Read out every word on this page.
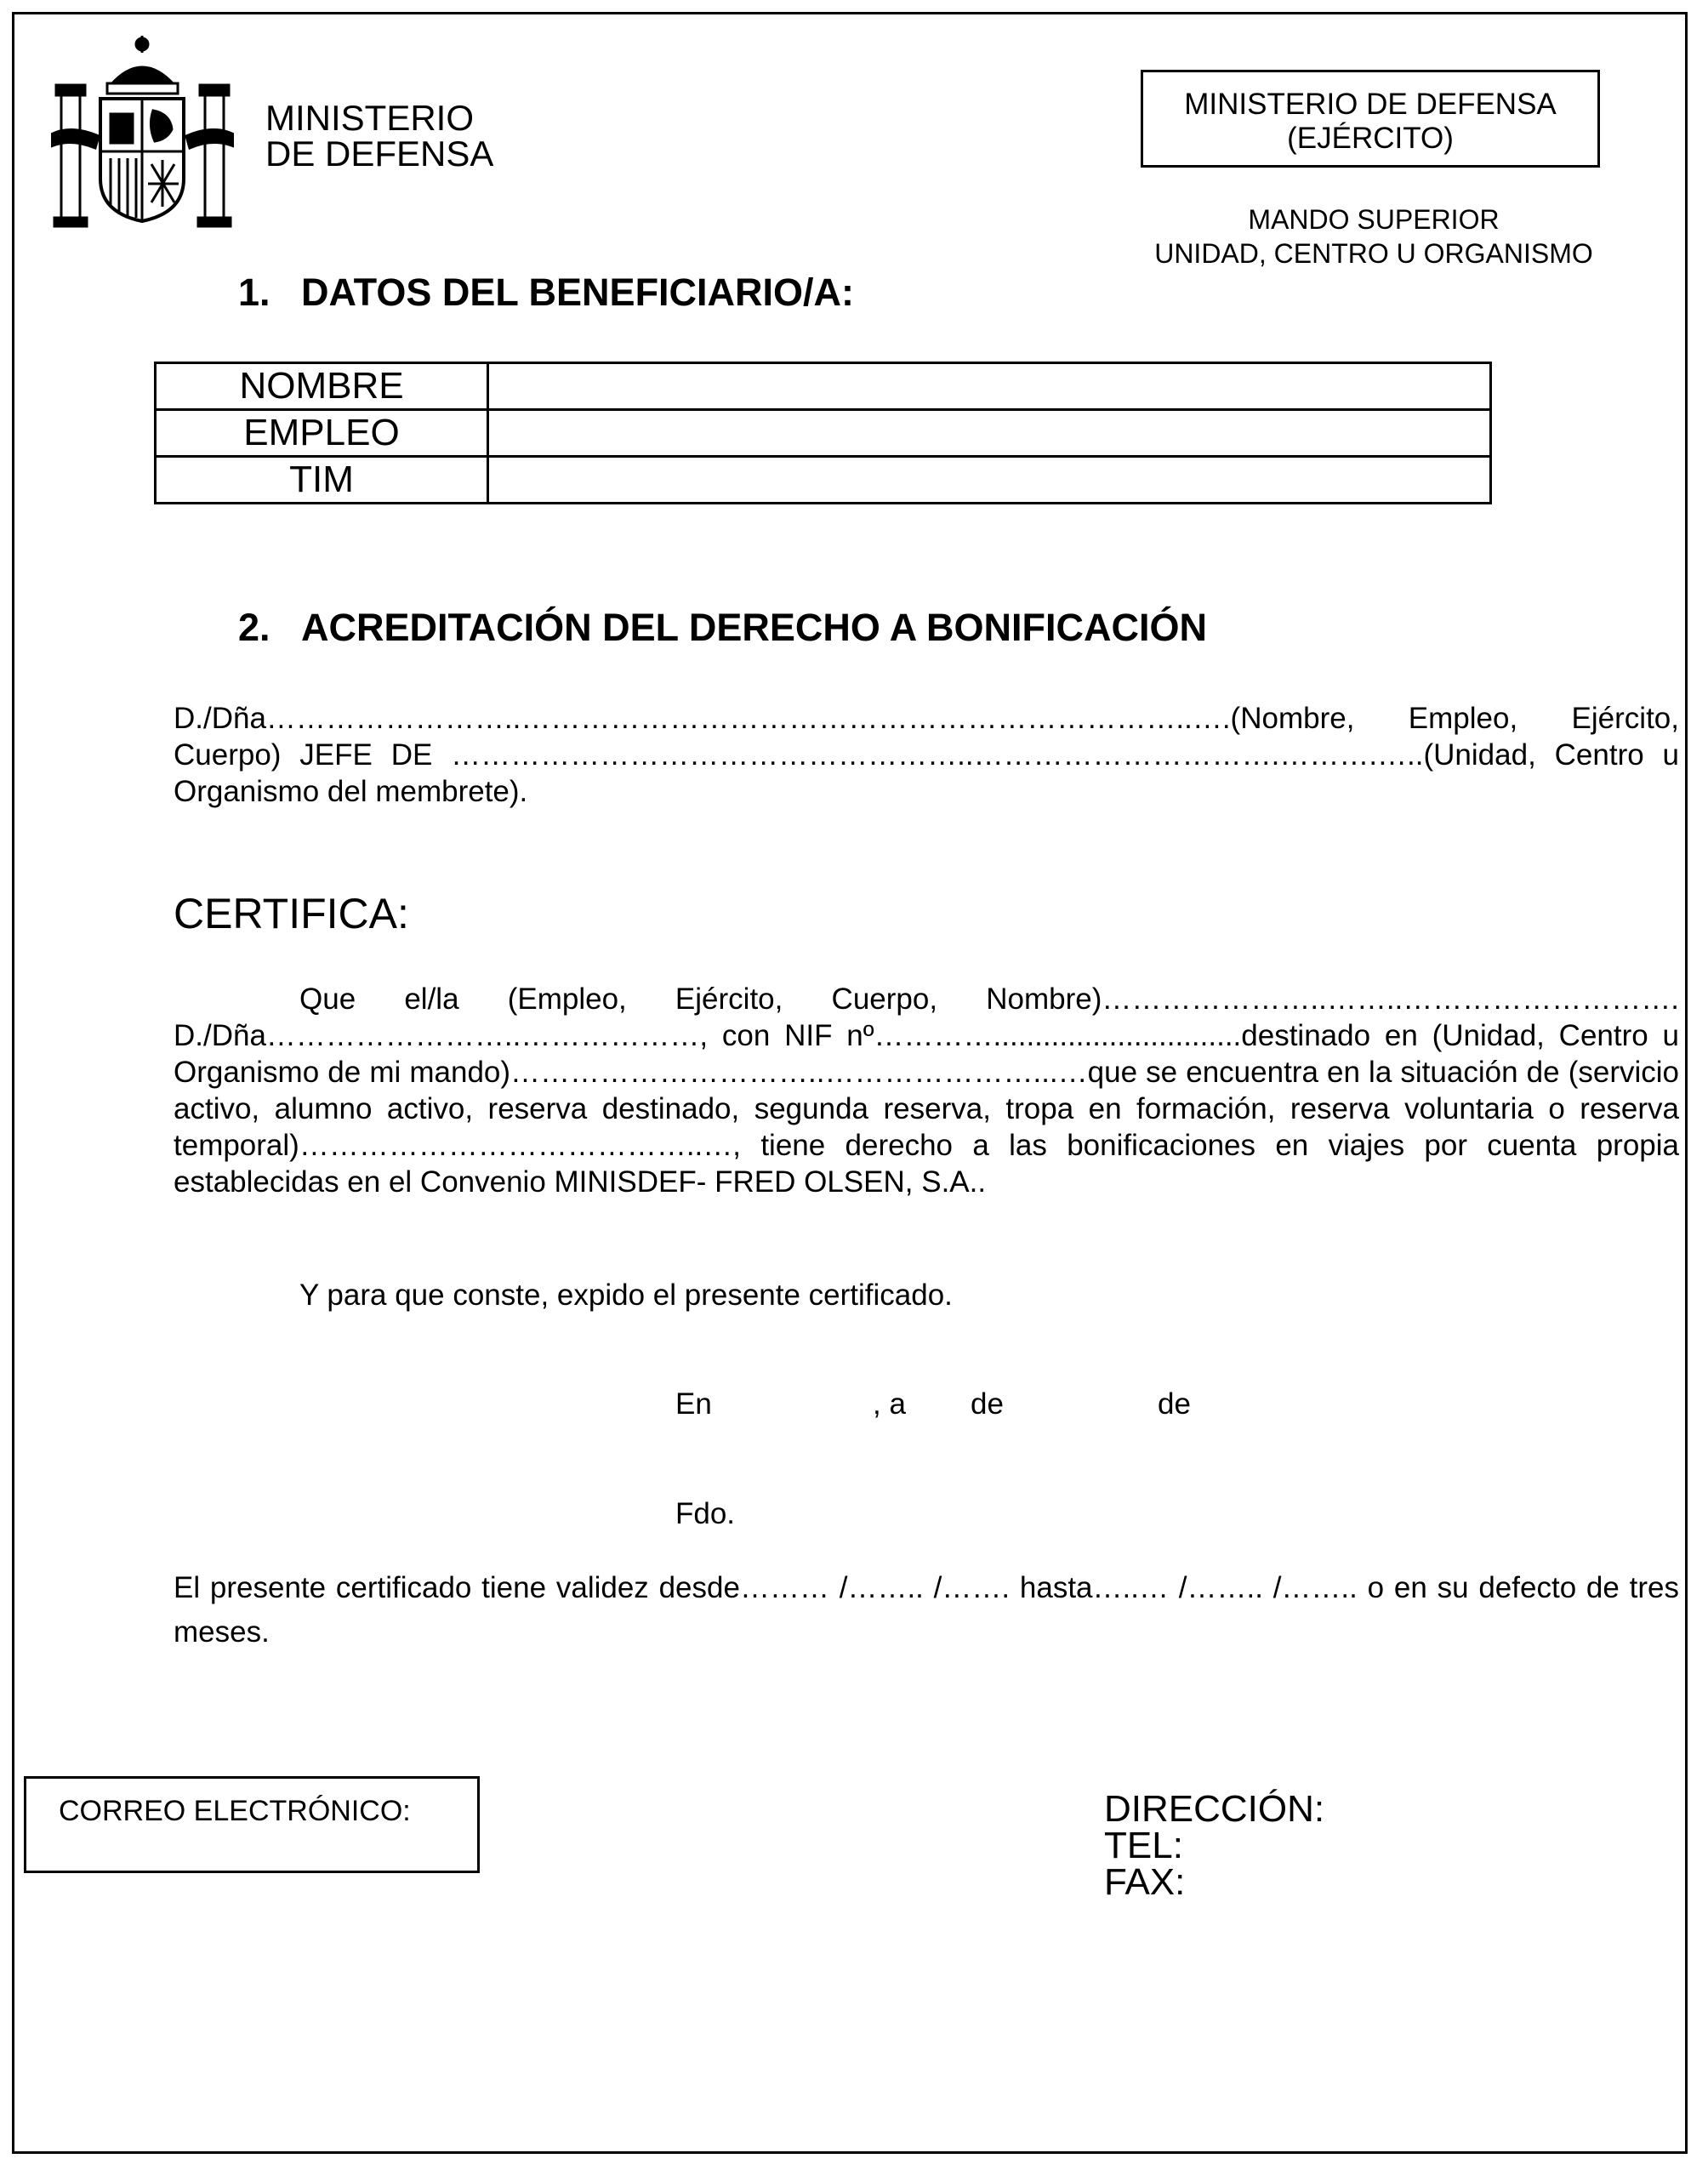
MINISTERIO
DE DEFENSA
MINISTERIO DE DEFENSA
(EJÉRCITO)
MANDO SUPERIOR
UNIDAD, CENTRO U ORGANISMO
1. DATOS DEL BENEFICIARIO/A:
NOMBRE	
EMPLEO	
TIM	
2. ACREDITACIÓN DEL DERECHO A BONIFICACIÓN
D./Dña……………………..…………………………………………………………..….(Nombre, Empleo, Ejército, Cuerpo) JEFE DE ……………………………………………..………………………….……….…..(Unidad, Centro u Organismo del membrete).
CERTIFICA:
Que el/la (Empleo, Ejército, Cuerpo, Nombre)…………………..……..………………………. D./Dña……………………..………………, con NIF nº…………..............................destinado en (Unidad, Centro u Organismo de mi mando)…………………………..…………………...…que se encuentra en la situación de (servicio activo, alumno activo, reserva destinado, segunda reserva, tropa en formación, reserva voluntaria o reserva temporal)…………………………………..…, tiene derecho a las bonificaciones en viajes por cuenta propia establecidas en el Convenio MINISDEF- FRED OLSEN, S.A..
Y para que conste, expido el presente certificado.
En	, a de	de
Fdo.
El presente certificado tiene validez desde……… /…….. /……. hasta…..… /…….. /…….. o en su defecto de tres meses.
CORREO ELECTRÓNICO:	DIRECCIÓN:
TEL:
FAX:
